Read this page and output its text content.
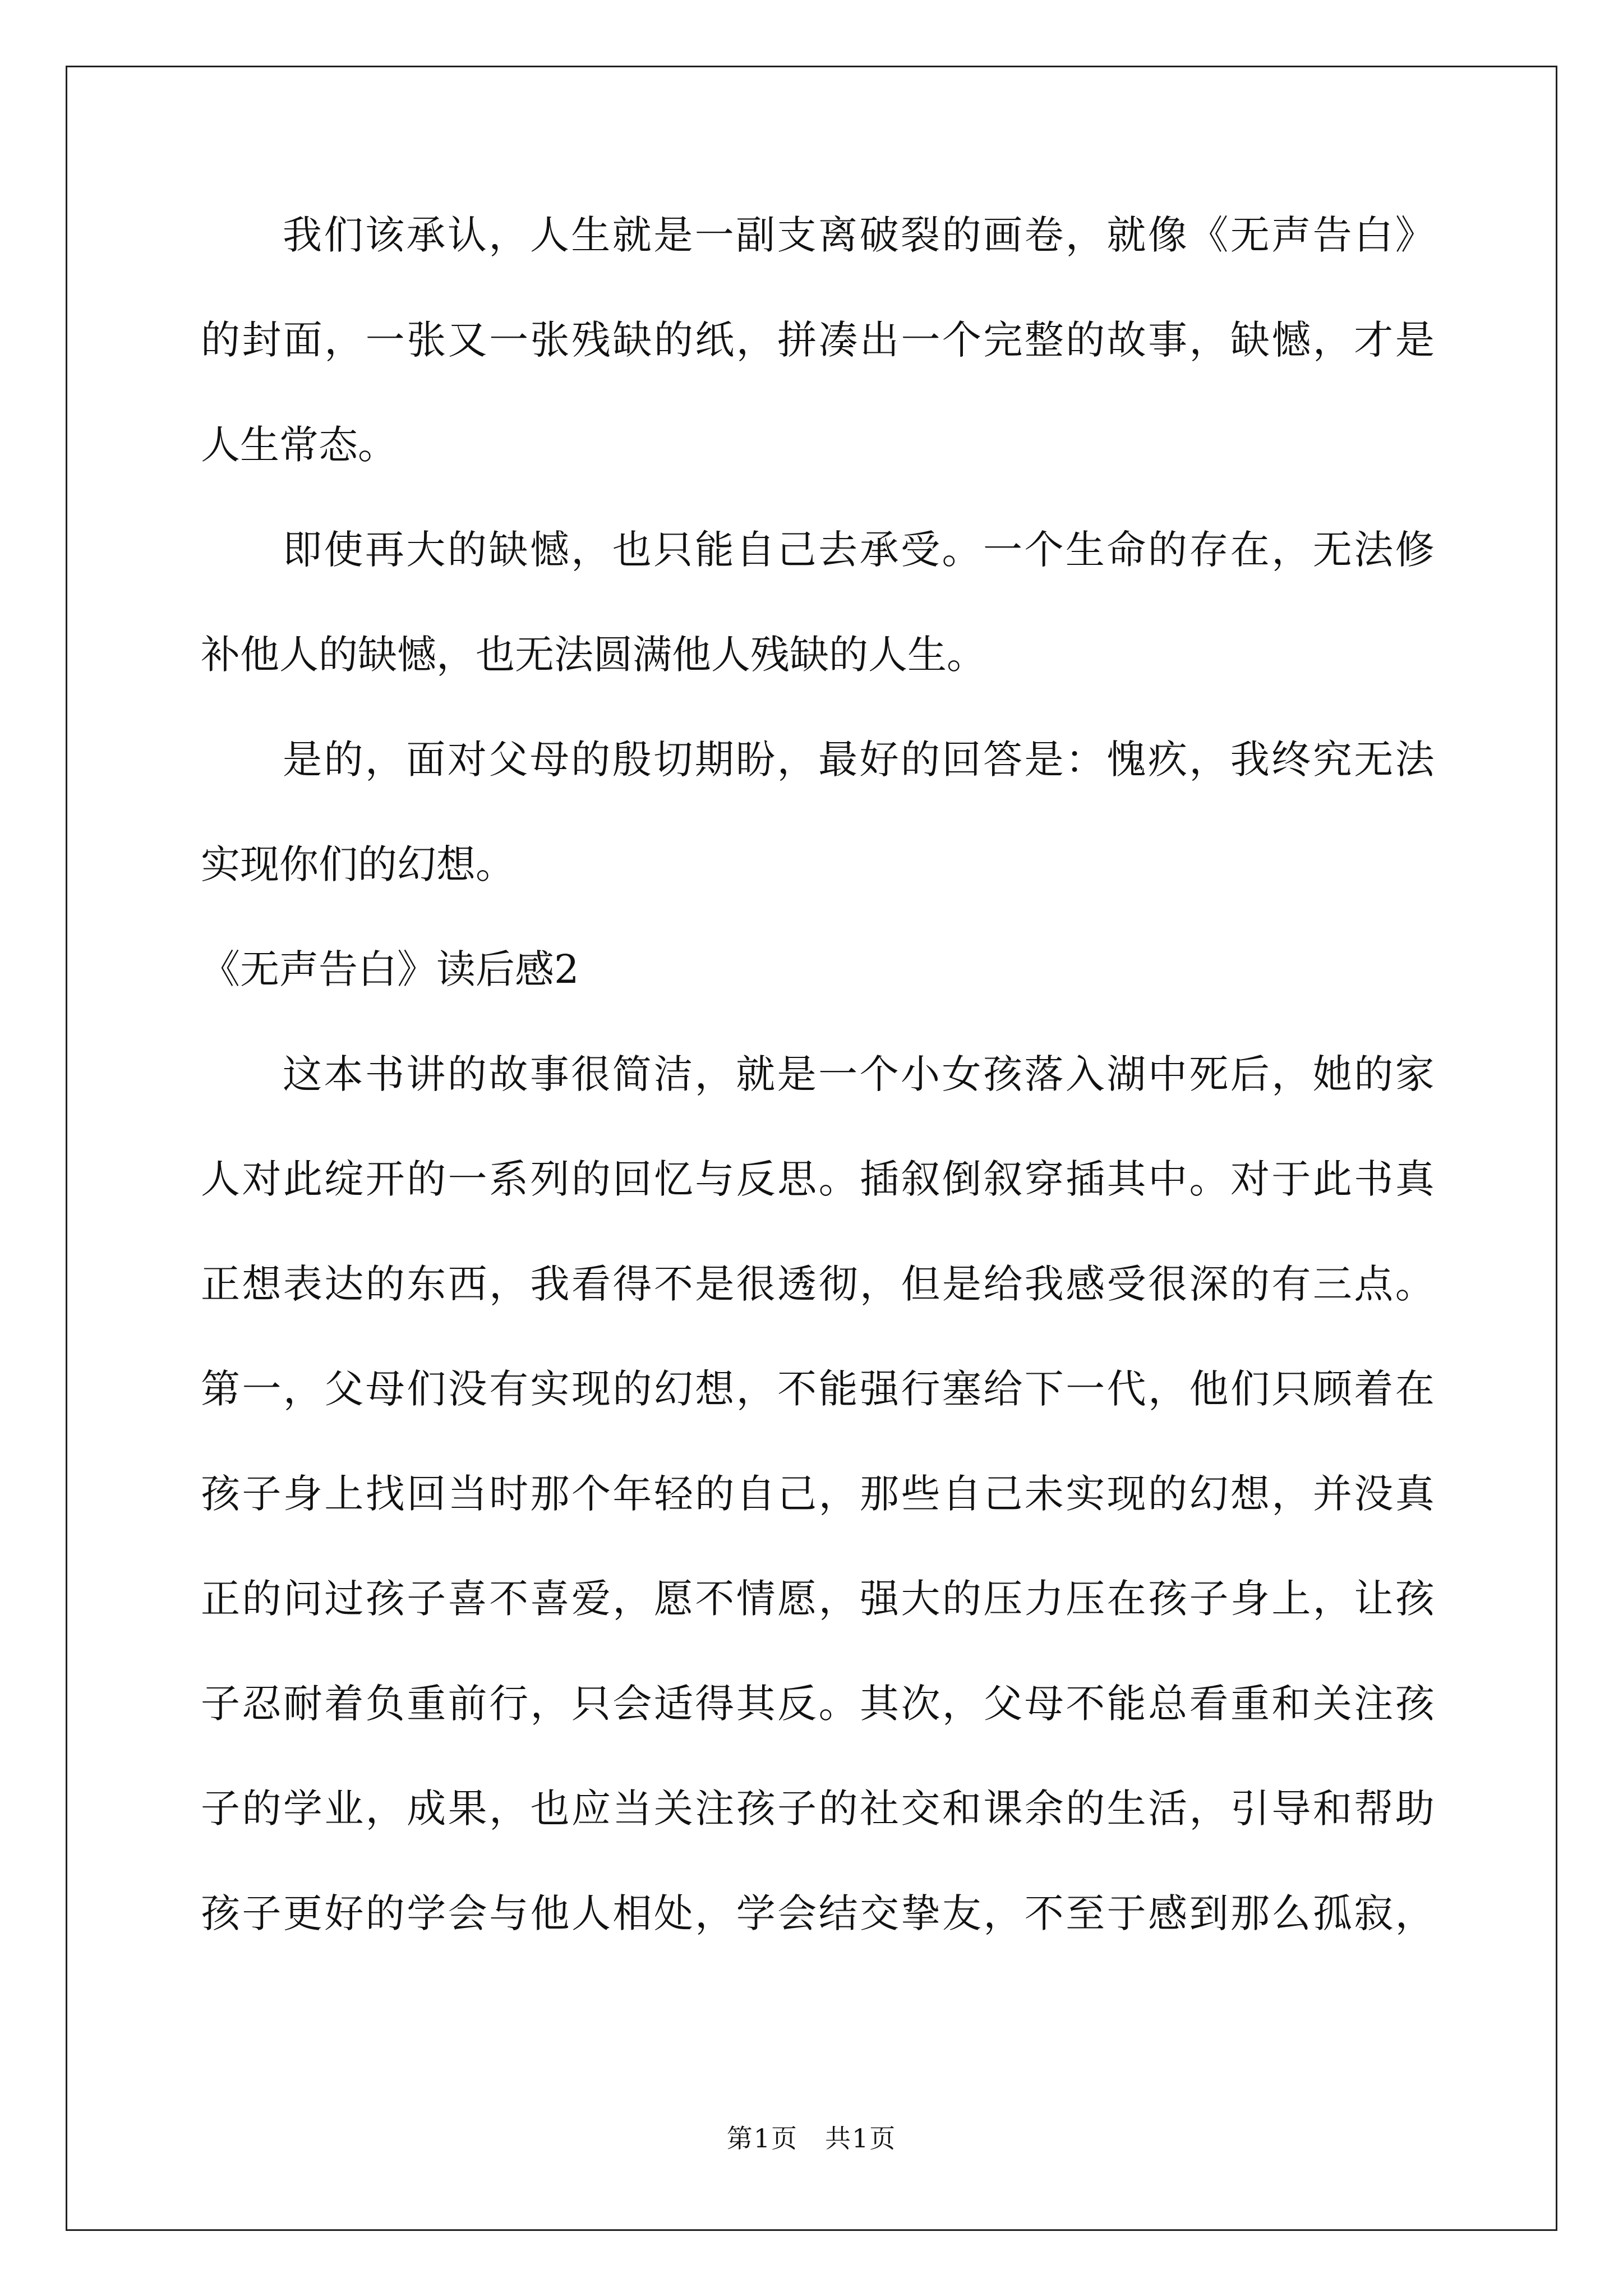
我 们 该 承 认 ， 人 生 就 是 一 副 支 离 破 裂 的 画 卷 ， 就 像 《 无 声 告 白 》
的 封 面 ， 一 张 又 一 张 残 缺 的 纸 ， 拼 凑 出 一 个 完 整 的 故 事 ， 缺 憾 ， 才 是
人生常态。
即 使 再 大 的 缺 憾 ， 也 只 能 自 己 去 承 受 。 一 个 生 命 的 存 在 ， 无 法 修
补他人的缺憾，也无法圆满他人残缺的人生。
是 的 ， 面 对 父 母 的 殷 切 期 盼 ， 最 好 的 回 答 是 ： 愧 疚 ， 我 终 究 无 法
实现你们的幻想。
《无声告白》读后感2
这 本 书 讲 的 故 事 很 简 洁 ， 就 是 一 个 小 女 孩 落 入 湖 中 死 后 ， 她 的 家
人 对 此 绽 开 的 一 系 列 的 回 忆 与 反 思 。 插 叙 倒 叙 穿 插 其 中 。 对 于 此 书 真
正 想 表 达 的 东 西 ， 我 看 得 不 是 很 透 彻 ， 但 是 给 我 感 受 很 深 的 有 三 点 。
第 一 ， 父 母 们 没 有 实 现 的 幻 想 ， 不 能 强 行 塞 给 下 一 代 ， 他 们 只 顾 着 在
孩 子 身 上 找 回 当 时 那 个 年 轻 的 自 己 ， 那 些 自 己 未 实 现 的 幻 想 ， 并 没 真
正 的 问 过 孩 子 喜 不 喜 爱 ， 愿 不 情 愿 ， 强 大 的 压 力 压 在 孩 子 身 上 ， 让 孩
子 忍 耐 着 负 重 前 行 ， 只 会 适 得 其 反 。 其 次 ， 父 母 不 能 总 看 重 和 关 注 孩
子 的 学 业 ， 成 果 ， 也 应 当 关 注 孩 子 的 社 交 和 课 余 的 生 活 ， 引 导 和 帮 助
孩 子 更 好 的 学 会 与 他 人 相 处 ， 学 会 结 交 挚 友 ， 不 至 于 感 到 那 么 孤 寂 ，
第1页　共1页
